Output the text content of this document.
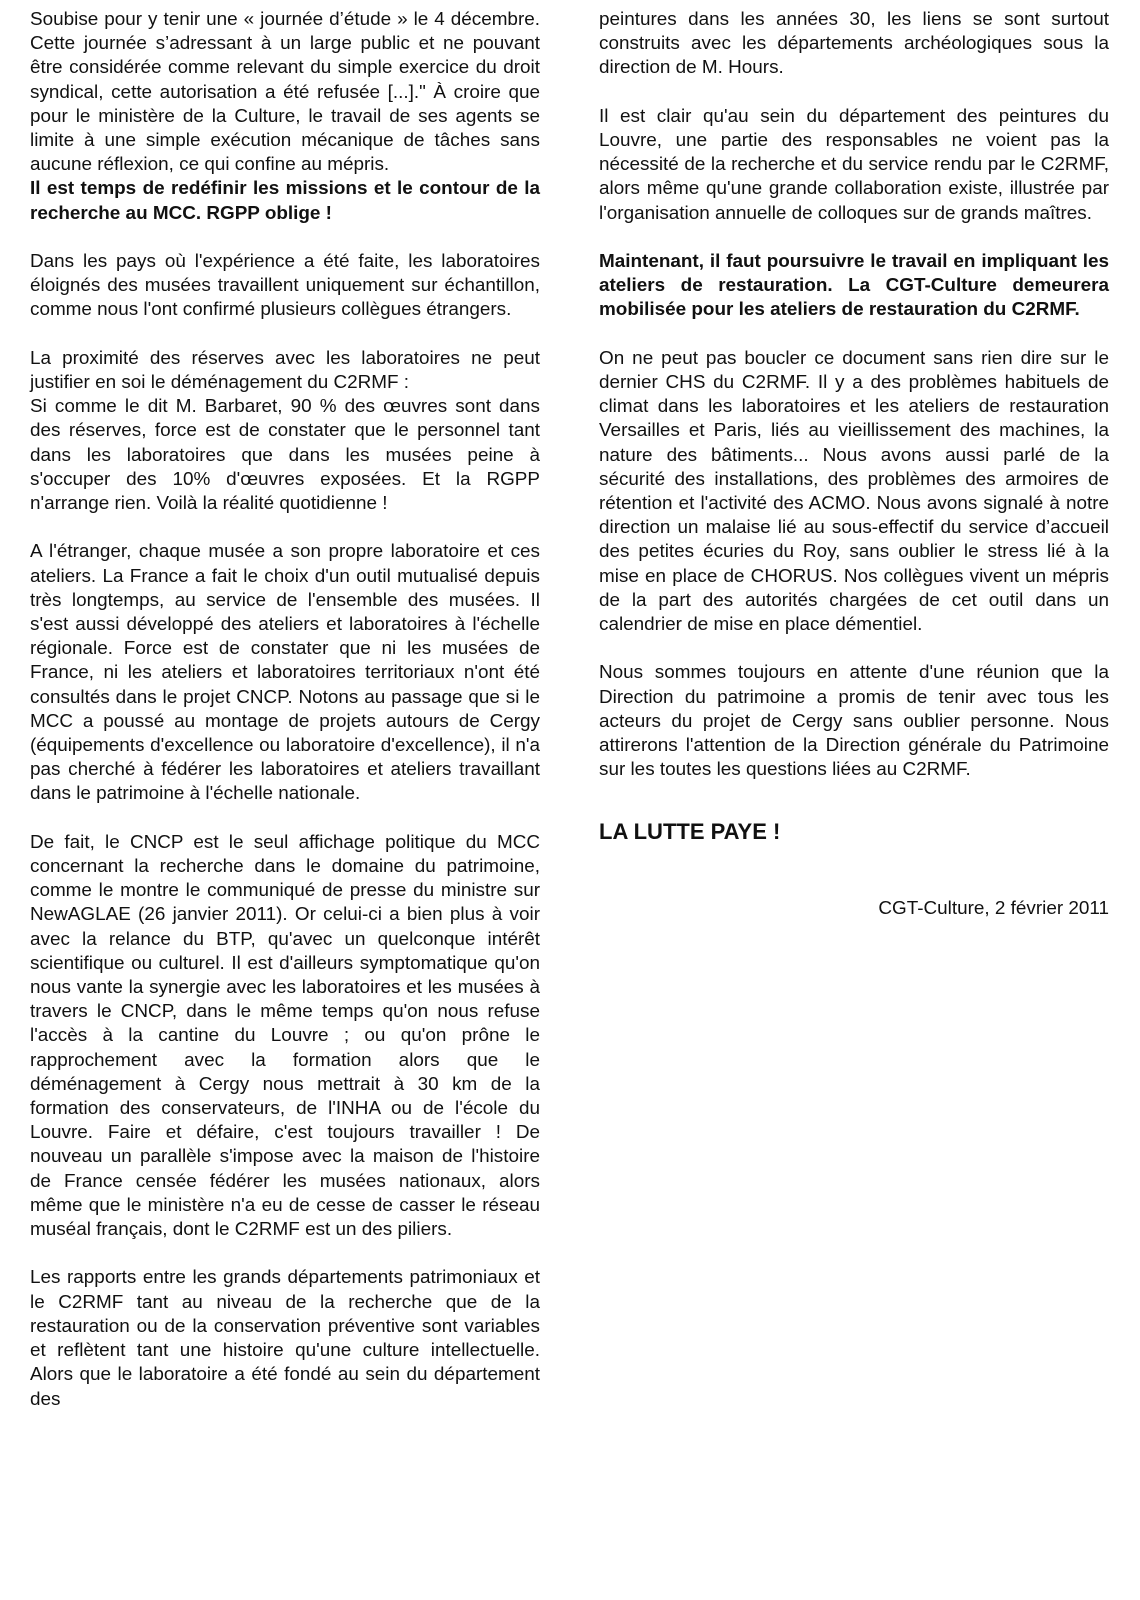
Soubise pour y tenir une « journée d’étude » le 4 décembre. Cette journée s’adressant à un large public et ne pouvant être considérée comme relevant du simple exercice du droit syndical, cette autorisation a été refusée [...]." À croire que pour le ministère de la Culture, le travail de ses agents se limite à une simple exécution mécanique de tâches sans aucune réflexion, ce qui confine au mépris.

Il est temps de redéfinir les missions et le contour de la recherche au MCC. RGPP oblige !

Dans les pays où l'expérience a été faite, les laboratoires éloignés des musées travaillent uniquement sur échantillon, comme nous l'ont confirmé plusieurs collègues étrangers.

La proximité des réserves avec les laboratoires ne peut justifier en soi le déménagement du C2RMF :
Si comme le dit M. Barbaret, 90 % des œuvres sont dans des réserves, force est de constater que le personnel tant dans les laboratoires que dans les musées peine à s'occuper des 10% d'œuvres exposées. Et la RGPP n'arrange rien. Voilà la réalité quotidienne !

A l'étranger, chaque musée a son propre laboratoire et ces ateliers. La France a fait le choix d'un outil mutualisé depuis très longtemps, au service de l'ensemble des musées. Il s'est aussi développé des ateliers et laboratoires à l'échelle régionale. Force est de constater que ni les musées de France, ni les ateliers et laboratoires territoriaux n'ont été consultés dans le projet CNCP. Notons au passage que si le MCC a poussé au montage de projets autours de Cergy (équipements d'excellence ou laboratoire d'excellence), il n'a pas cherché à fédérer les laboratoires et ateliers travaillant dans le patrimoine à l'échelle nationale.

De fait, le CNCP est le seul affichage politique du MCC concernant la recherche dans le domaine du patrimoine, comme le montre le communiqué de presse du ministre sur NewAGLAE (26 janvier 2011). Or celui-ci a bien plus à voir avec la relance du BTP, qu'avec un quelconque intérêt scientifique ou culturel. Il est d'ailleurs symptomatique qu'on nous vante la synergie avec les laboratoires et les musées à travers le CNCP, dans le même temps qu'on nous refuse l'accès à la cantine du Louvre ; ou qu'on prône le rapprochement avec la formation alors que le déménagement à Cergy nous mettrait à 30 km de la formation des conservateurs, de l'INHA ou de l'école du Louvre. Faire et défaire, c'est toujours travailler ! De nouveau un parallèle s'impose avec la maison de l'histoire de France censée fédérer les musées nationaux, alors même que le ministère n'a eu de cesse de casser le réseau muséal français, dont le C2RMF est un des piliers.

Les rapports entre les grands départements patrimoniaux et le C2RMF tant au niveau de la recherche que de la restauration ou de la conservation préventive sont variables et reflètent tant une histoire qu'une culture intellectuelle. Alors que le laboratoire a été fondé au sein du département des

peintures dans les années 30, les liens se sont surtout construits avec les départements archéologiques sous la direction de M. Hours.

Il est clair qu'au sein du département des peintures du Louvre, une partie des responsables ne voient pas la nécessité de la recherche et du service rendu par le C2RMF, alors même qu'une grande collaboration existe, illustrée par l'organisation annuelle de colloques sur de grands maîtres.

Maintenant, il faut poursuivre le travail en impliquant les ateliers de restauration. La CGT-Culture demeurera mobilisée pour les ateliers de restauration du C2RMF.

On ne peut pas boucler ce document sans rien dire sur le dernier CHS du C2RMF. Il y a des problèmes habituels de climat dans les laboratoires et les ateliers de restauration Versailles et Paris, liés au vieillissement des machines, la nature des bâtiments... Nous avons aussi parlé de la sécurité des installations, des problèmes des armoires de rétention et l'activité des ACMO. Nous avons signalé à notre direction un malaise lié au sous-effectif du service d’accueil des petites écuries du Roy, sans oublier le stress lié à la mise en place de CHORUS. Nos collègues vivent un mépris de la part des autorités chargées de cet outil dans un calendrier de mise en place démentiel.

Nous sommes toujours en attente d'une réunion que la Direction du patrimoine a promis de tenir avec tous les acteurs du projet de Cergy sans oublier personne. Nous attirerons l'attention de la Direction générale du Patrimoine sur les toutes les questions liées au C2RMF.

LA LUTTE PAYE !
CGT-Culture, 2 février 2011
